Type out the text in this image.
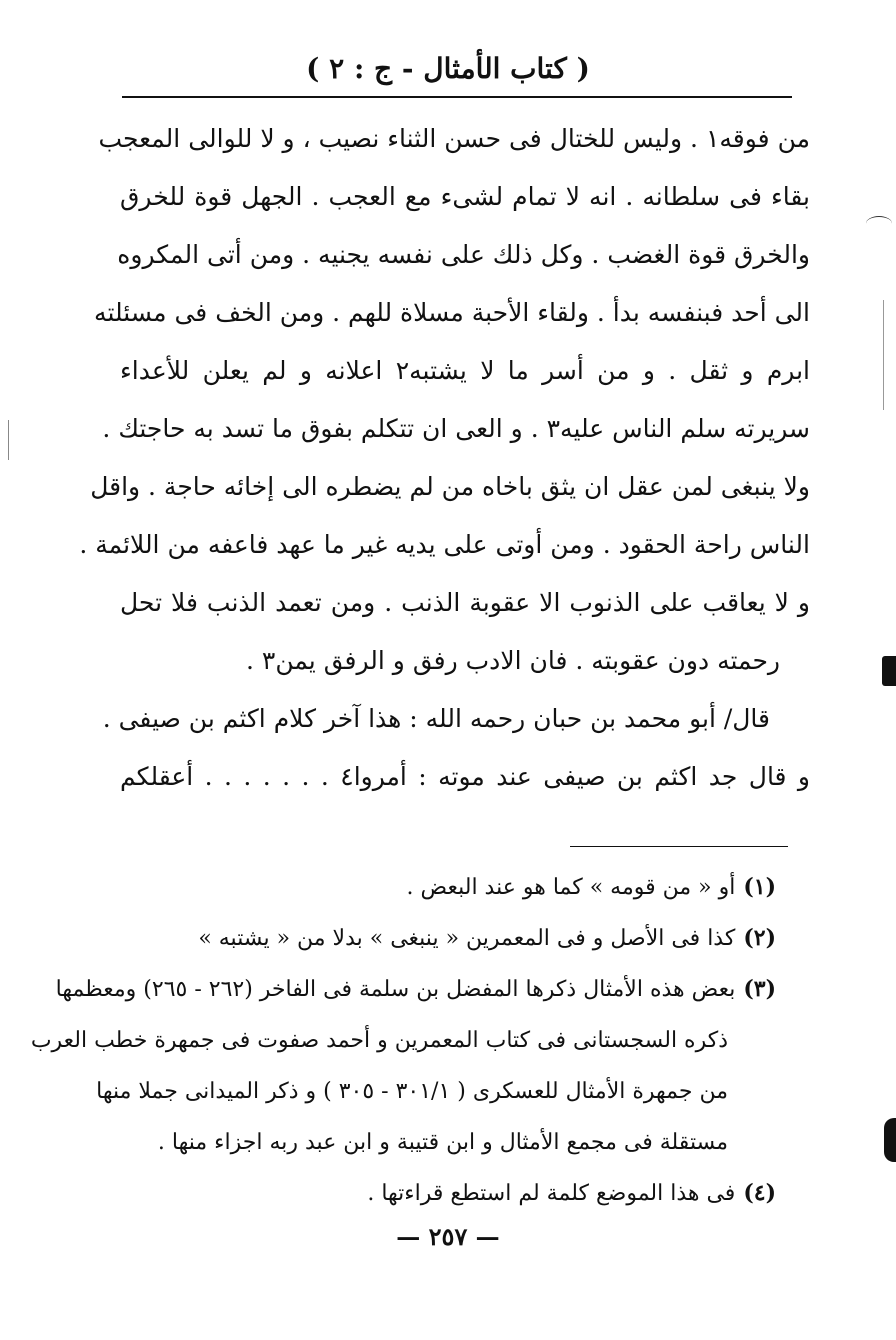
( كتاب الأمثال - ج : ٢ )
من فوقه١ . وليس للختال فى حسن الثناء نصيب ، و لا للوالى المعجب
بقاء فى سلطانه . انه لا تمام لشىء مع العجب . الجهل قوة للخرق
والخرق قوة الغضب . وكل ذلك على نفسه يجنيه . ومن أتى المكروه
الى أحد فبنفسه بدأ . ولقاء الأحبة مسلاة للهم . ومن الخف فى مسئلته
ابرم و ثقل . و من أسر ما لا يشتبه٢ اعلانه و لم يعلن للأعداء
سريرته سلم الناس عليه٣ . و العى ان تتكلم بفوق ما تسد به حاجتك .
ولا ينبغى لمن عقل ان يثق باخاه من لم يضطره الى إخائه حاجة . واقل
الناس راحة الحقود . ومن أوتى على يديه غير ما عهد فاعفه من اللائمة .
و لا يعاقب على الذنوب الا عقوبة الذنب . ومن تعمد الذنب فلا تحل
رحمته دون عقوبته . فان الادب رفق و الرفق يمن٣ .
قال/ أبو محمد بن حبان رحمه الله : هذا آخر كلام اكثم بن صيفى .
و قال جد اكثم بن صيفى عند موته : أمروا٤ . . . . . . . أعقلكم
(١)أو « من قومه » كما هو عند البعض .
(٢)كذا فى الأصل و فى المعمرين « ينبغى » بدلا من « يشتبه »
(٣)بعض هذه الأمثال ذكرها المفضل بن سلمة فى الفاخر (٢٦٢ - ٢٦٥) ومعظمها
ذكره السجستانى فى كتاب المعمرين و أحمد صفوت فى جمهرة خطب العرب
من جمهرة الأمثال للعسكرى ( ٣٠١/١ - ٣٠٥ ) و ذكر الميدانى جملا منها
مستقلة فى مجمع الأمثال و ابن قتيبة و ابن عبد ربه اجزاء منها .
(٤)فى هذا الموضع كلمة لم استطع قراءتها .
— ٢٥٧ —
